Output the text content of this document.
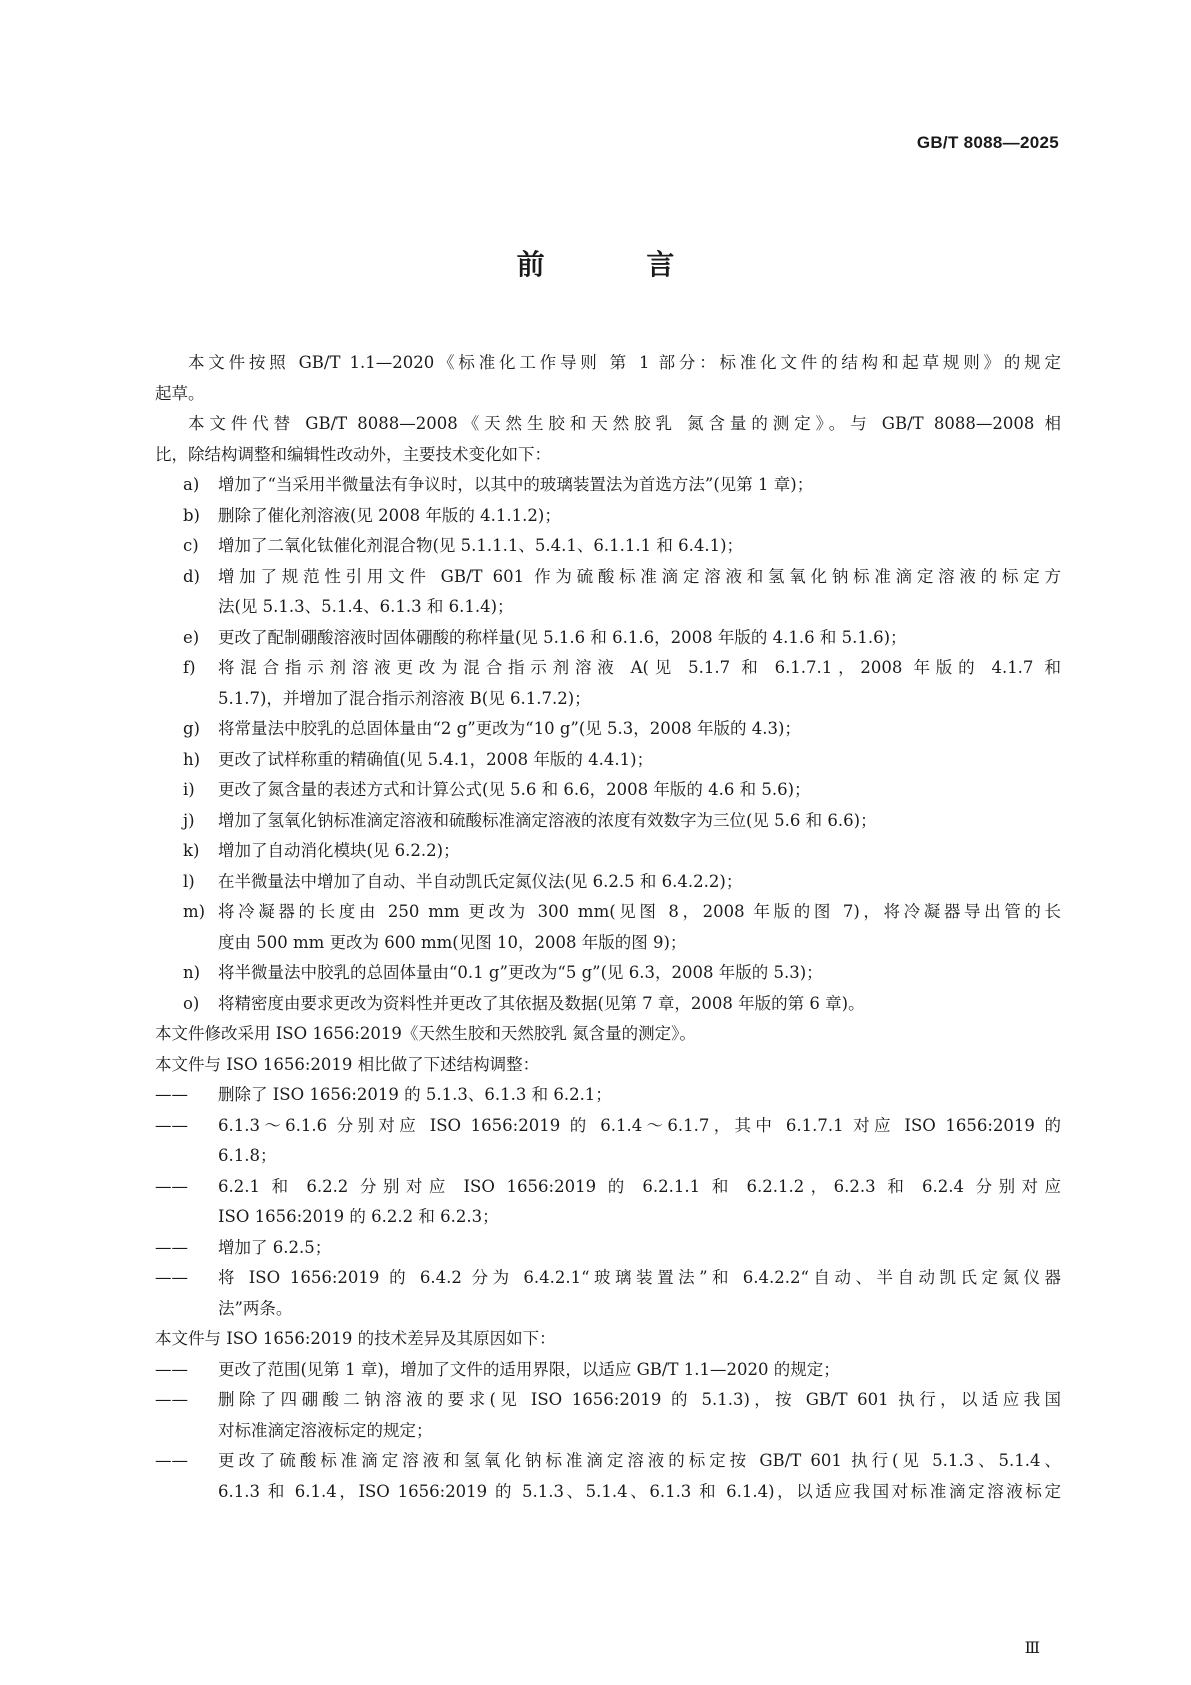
GB/T 8088—2025
前 言
本文件按照 GB/T 1.1—2020《标准化工作导则 第 1 部分：标准化文件的结构和起草规则》的规定
起草。
本文件代替 GB/T 8088—2008《天然生胶和天然胶乳 氮含量的测定》。与 GB/T 8088—2008 相
比，除结构调整和编辑性改动外，主要技术变化如下：
a) 增加了“当采用半微量法有争议时，以其中的玻璃装置法为首选方法”(见第 1 章)；
b) 删除了催化剂溶液(见 2008 年版的 4.1.1.2)；
c) 增加了二氧化钛催化剂混合物(见 5.1.1.1、5.4.1、6.1.1.1 和 6.4.1)；
d) 增加了规范性引用文件 GB/T 601 作为硫酸标准滴定溶液和氢氧化钠标准滴定溶液的标定方
法(见 5.1.3、5.1.4、6.1.3 和 6.1.4)；
e) 更改了配制硼酸溶液时固体硼酸的称样量(见 5.1.6 和 6.1.6，2008 年版的 4.1.6 和 5.1.6)；
f) 将混合指示剂溶液更改为混合指示剂溶液 A(见 5.1.7 和 6.1.7.1，2008 年版的 4.1.7 和
5.1.7)，并增加了混合指示剂溶液 B(见 6.1.7.2)；
g) 将常量法中胶乳的总固体量由“2 g”更改为“10 g”(见 5.3，2008 年版的 4.3)；
h) 更改了试样称重的精确值(见 5.4.1，2008 年版的 4.4.1)；
i) 更改了氮含量的表述方式和计算公式(见 5.6 和 6.6，2008 年版的 4.6 和 5.6)；
j) 增加了氢氧化钠标准滴定溶液和硫酸标准滴定溶液的浓度有效数字为三位(见 5.6 和 6.6)；
k) 增加了自动消化模块(见 6.2.2)；
l) 在半微量法中增加了自动、半自动凯氏定氮仪法(见 6.2.5 和 6.4.2.2)；
m) 将冷凝器的长度由 250 mm 更改为 300 mm(见图 8，2008 年版的图 7)，将冷凝器导出管的长
度由 500 mm 更改为 600 mm(见图 10，2008 年版的图 9)；
n) 将半微量法中胶乳的总固体量由“0.1 g”更改为“5 g”(见 6.3，2008 年版的 5.3)；
o) 将精密度由要求更改为资料性并更改了其依据及数据(见第 7 章，2008 年版的第 6 章)。
本文件修改采用 ISO 1656:2019《天然生胶和天然胶乳 氮含量的测定》。
本文件与 ISO 1656:2019 相比做了下述结构调整：
—— 删除了 ISO 1656:2019 的 5.1.3、6.1.3 和 6.2.1；
—— 6.1.3～6.1.6 分别对应 ISO 1656:2019 的 6.1.4～6.1.7，其中 6.1.7.1 对应 ISO 1656:2019 的
6.1.8；
—— 6.2.1 和 6.2.2 分别对应 ISO 1656:2019 的 6.2.1.1 和 6.2.1.2，6.2.3 和 6.2.4 分别对应
ISO 1656:2019 的 6.2.2 和 6.2.3；
—— 增加了 6.2.5；
—— 将 ISO 1656:2019 的 6.4.2 分为 6.4.2.1“玻璃装置法”和 6.4.2.2“自动、半自动凯氏定氮仪器
法”两条。
本文件与 ISO 1656:2019 的技术差异及其原因如下：
—— 更改了范围(见第 1 章)，增加了文件的适用界限，以适应 GB/T 1.1—2020 的规定；
—— 删除了四硼酸二钠溶液的要求(见 ISO 1656:2019 的 5.1.3)，按 GB/T 601 执行，以适应我国
对标准滴定溶液标定的规定；
—— 更改了硫酸标准滴定溶液和氢氧化钠标准滴定溶液的标定按 GB/T 601 执行(见 5.1.3、5.1.4、
6.1.3 和 6.1.4，ISO 1656:2019 的 5.1.3、5.1.4、6.1.3 和 6.1.4)，以适应我国对标准滴定溶液标定
Ⅲ
